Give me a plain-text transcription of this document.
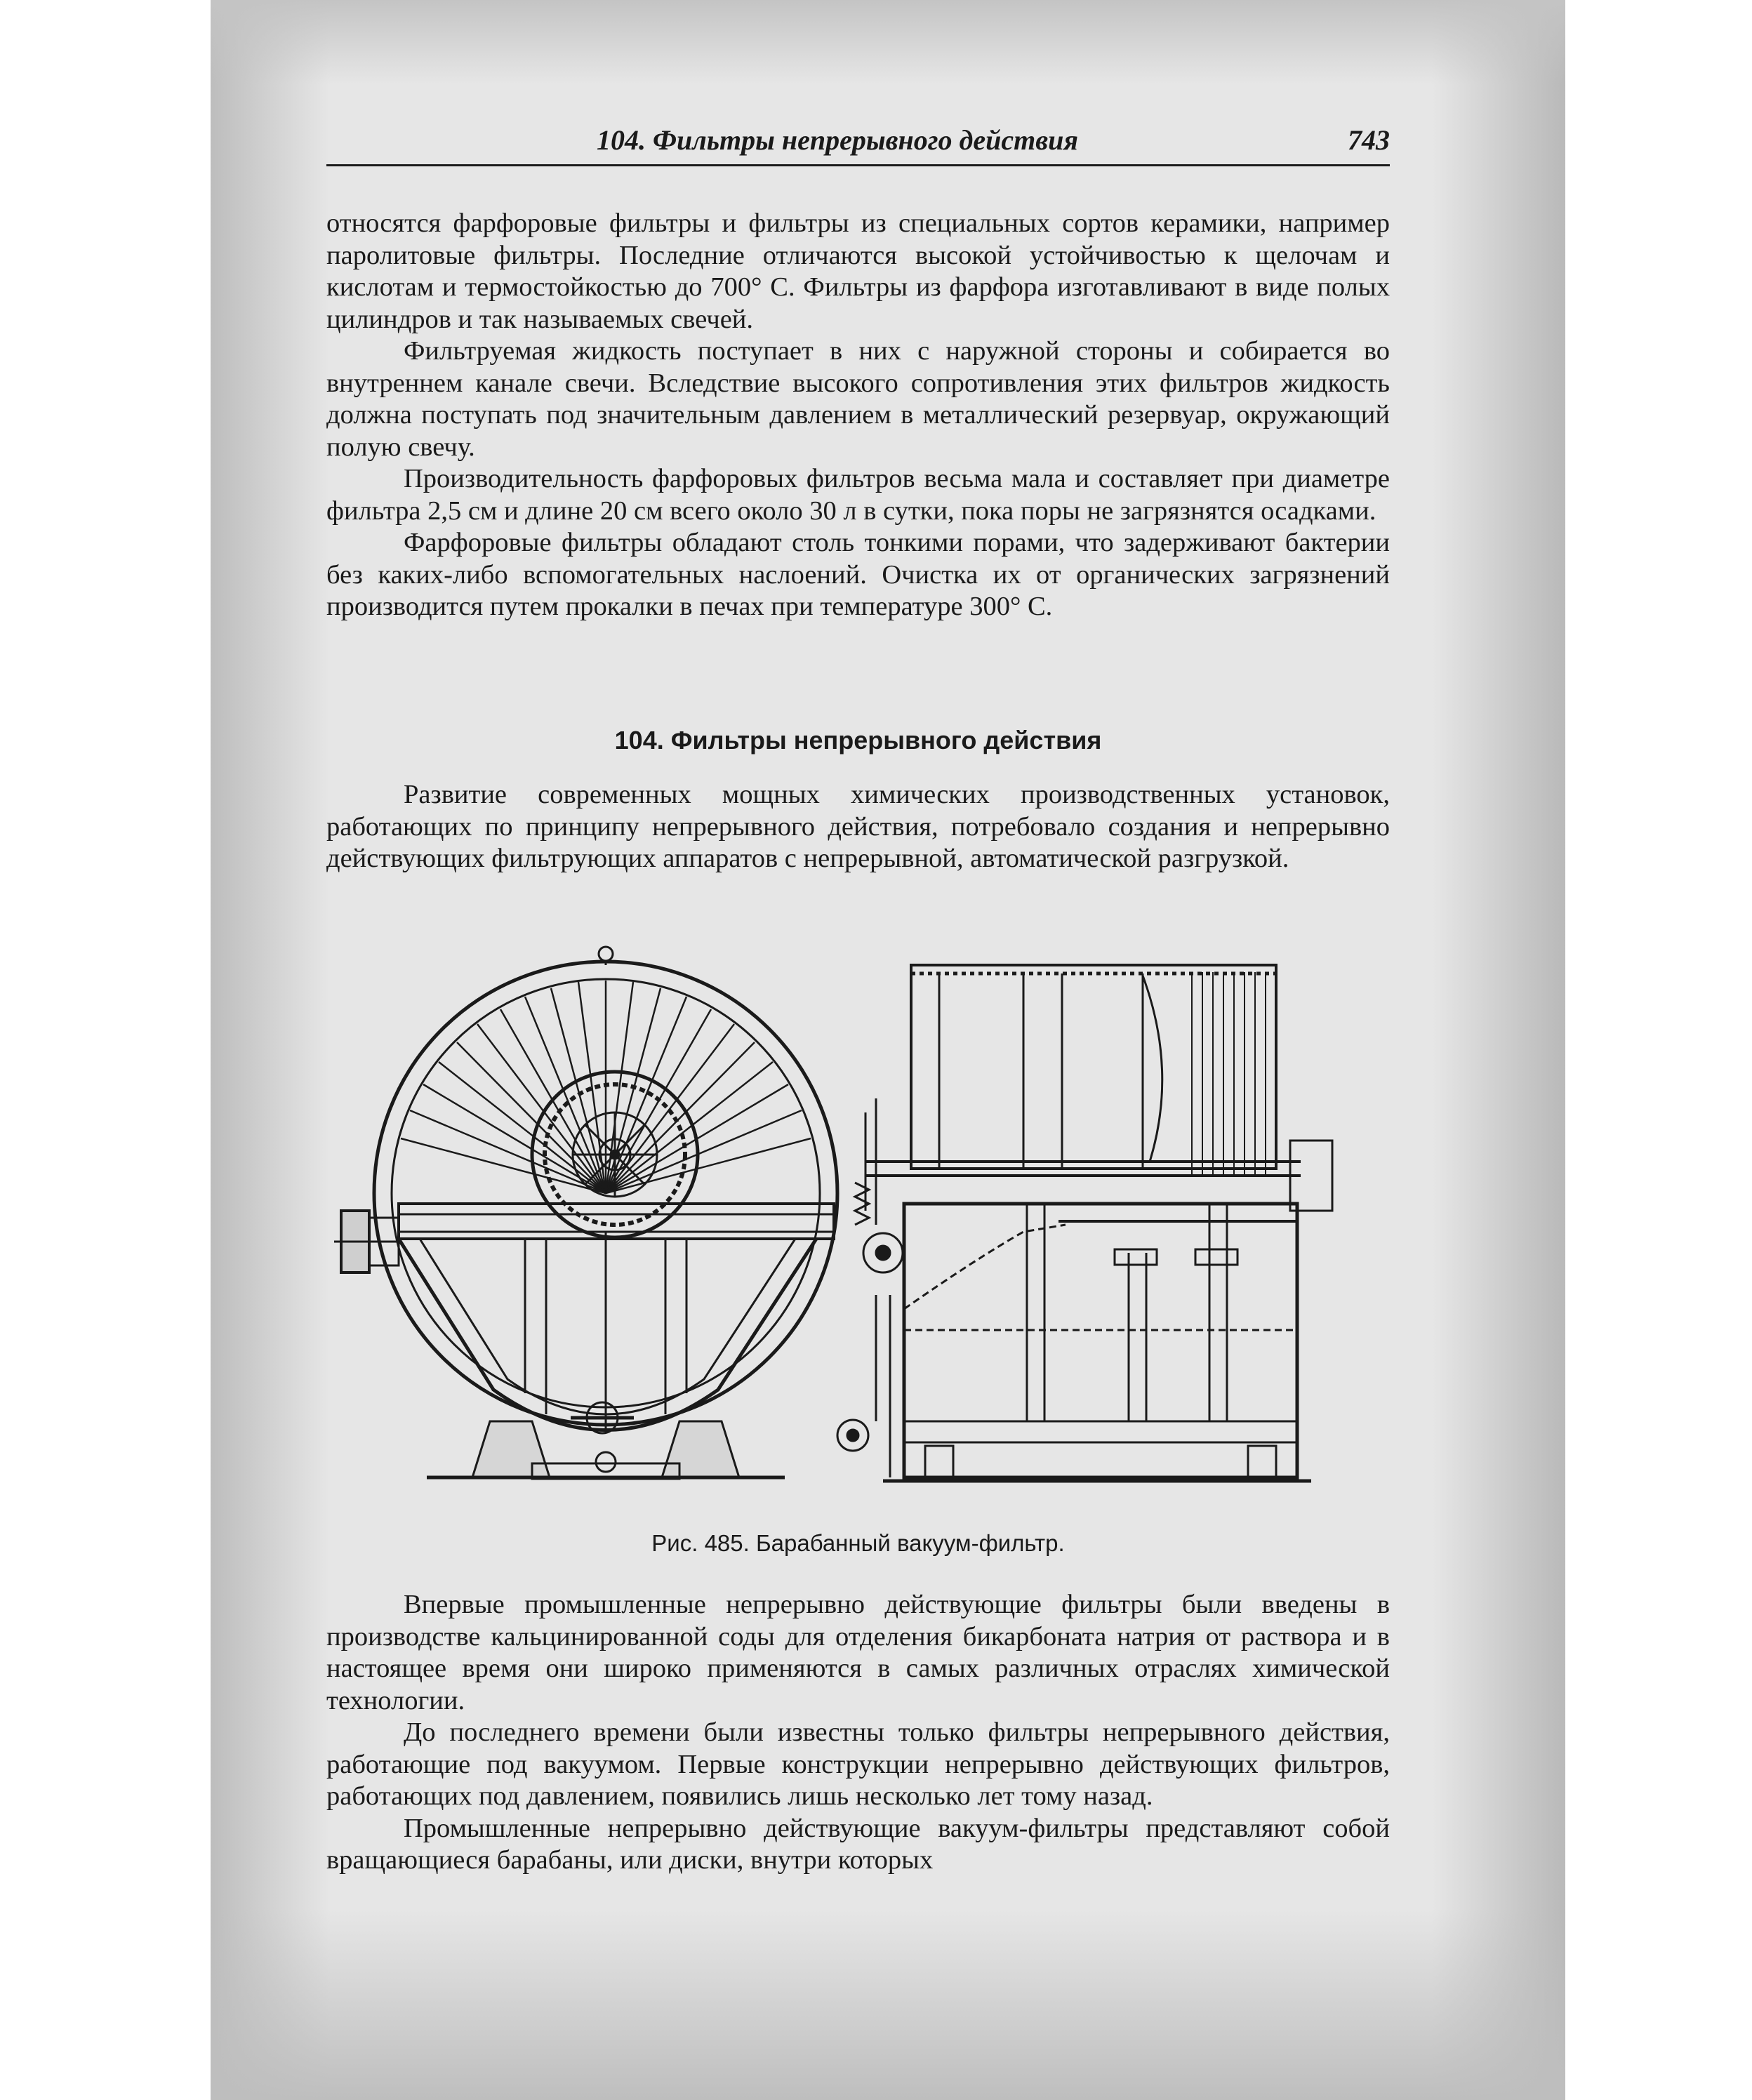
104. Фильтры непрерывного действия	743

относятся фарфоровые фильтры и фильтры из специальных сортов керамики, например паролитовые фильтры. Последние отличаются высокой устойчивостью к щелочам и кислотам и термостойкостью до 700° С. Фильтры из фарфора изготавливают в виде полых цилиндров и так называемых свечей.

Фильтруемая жидкость поступает в них с наружной стороны и собирается во внутреннем канале свечи. Вследствие высокого сопротивления этих фильтров жидкость должна поступать под значительным давлением в металлический резервуар, окружающий полую свечу.

Производительность фарфоровых фильтров весьма мала и составляет при диаметре фильтра 2,5 см и длине 20 см всего около 30 л в сутки, пока поры не загрязнятся осадками.

Фарфоровые фильтры обладают столь тонкими порами, что задерживают бактерии без каких-либо вспомогательных наслоений. Очистка их от органических загрязнений производится путем прокалки в печах при температуре 300° С.

104. Фильтры непрерывного действия

Развитие современных мощных химических производственных установок, работающих по принципу непрерывного действия, потребовало создания и непрерывно действующих фильтрующих аппаратов с непрерывной, автоматической разгрузкой.

Рис. 485. Барабанный вакуум-фильтр.

Впервые промышленные непрерывно действующие фильтры были введены в производстве кальцинированной соды для отделения бикарбоната натрия от раствора и в настоящее время они широко применяются в самых различных отраслях химической технологии.

До последнего времени были известны только фильтры непрерывного действия, работающие под вакуумом. Первые конструкции непрерывно действующих фильтров, работающих под давлением, появились лишь несколько лет тому назад.

Промышленные непрерывно действующие вакуум-фильтры представляют собой вращающиеся барабаны, или диски, внутри которых
